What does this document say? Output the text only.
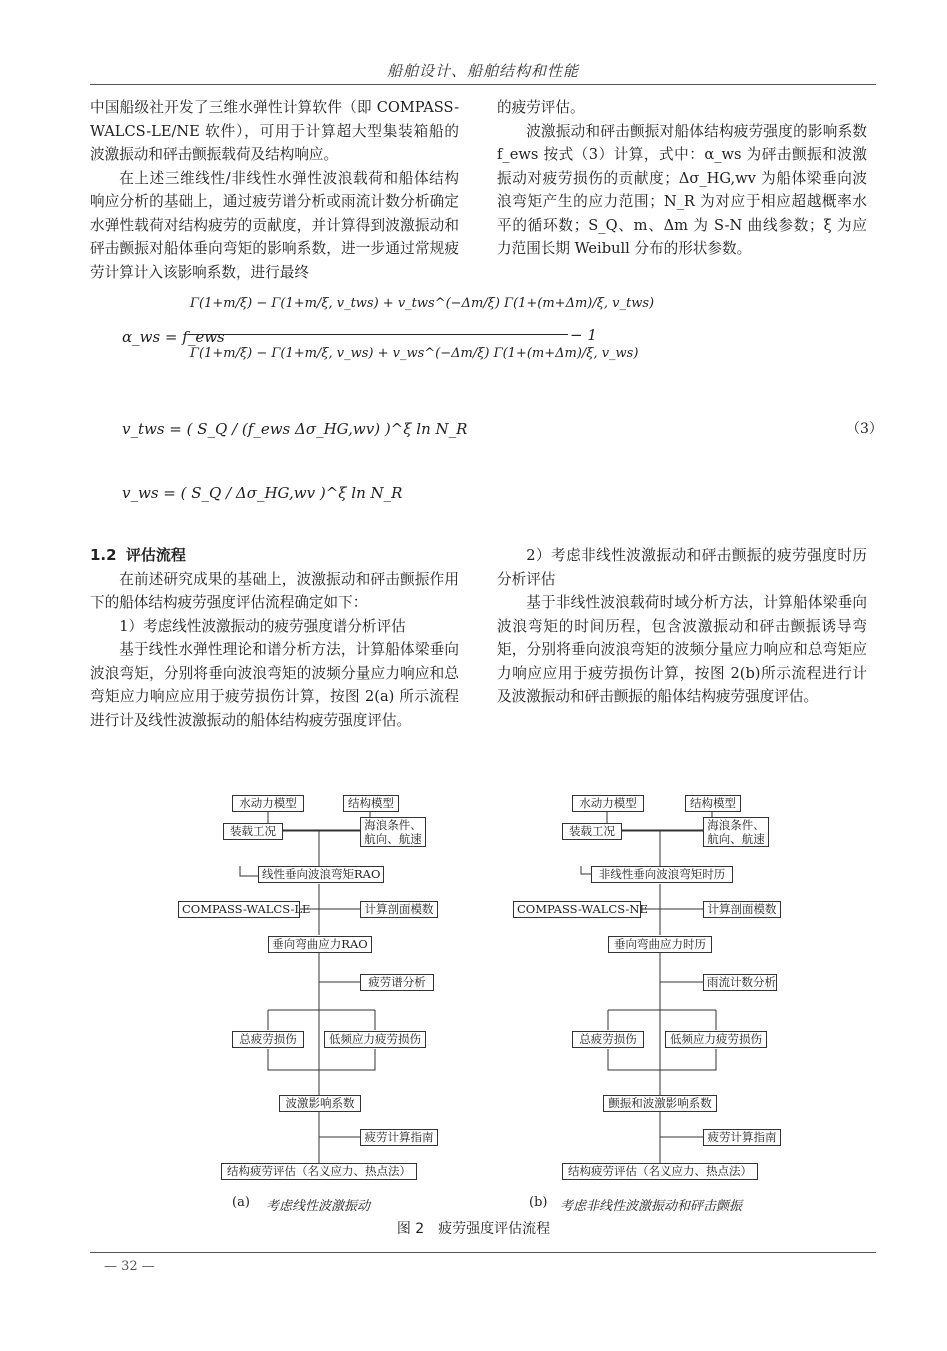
船舶设计、船舶结构和性能

中国船级社开发了三维水弹性计算软件（即 COMPASS-WALCS-LE/NE 软件），可用于计算超大型集装箱船的波激振动和砰击颤振载荷及结构响应。

在上述三维线性/非线性水弹性波浪载荷和船体结构响应分析的基础上，通过疲劳谱分析或雨流计数分析确定水弹性载荷对结构疲劳的贡献度，并计算得到波激振动和砰击颤振对船体垂向弯矩的影响系数，进一步通过常规疲劳计算计入该影响系数，进行最终

的疲劳评估。

波激振动和砰击颤振对船体结构疲劳强度的影响系数 f_ews 按式（3）计算，式中：α_ws 为砰击颤振和波激振动对疲劳损伤的贡献度；Δσ_HG,wv 为船体梁垂向波浪弯矩产生的应力范围；N_R 为对应于相应超越概率水平的循环数；S_Q、m、Δm 为 S-N 曲线参数；ξ 为应力范围长期 Weibull 分布的形状参数。

α_ws = f_ews
Γ(1+m/ξ) − Γ(1+m/ξ, v_tws) + v_tws^(−Δm/ξ) Γ(1+(m+Δm)/ξ, v_tws)
Γ(1+m/ξ) − Γ(1+m/ξ, v_ws) + v_ws^(−Δm/ξ) Γ(1+(m+Δm)/ξ, v_ws)
− 1
v_tws = ( S_Q / (f_ews Δσ_HG,wv) )^ξ ln N_R
v_ws = ( S_Q / Δσ_HG,wv )^ξ ln N_R
（3）

1.2 评估流程

在前述研究成果的基础上，波激振动和砰击颤振作用下的船体结构疲劳强度评估流程确定如下：

1）考虑线性波激振动的疲劳强度谱分析评估

基于线性水弹性理论和谱分析方法，计算船体梁垂向波浪弯矩，分别将垂向波浪弯矩的波频分量应力响应和总弯矩应力响应应用于疲劳损伤计算，按图 2(a) 所示流程进行计及线性波激振动的船体结构疲劳强度评估。

2）考虑非线性波激振动和砰击颤振的疲劳强度时历分析评估

基于非线性波浪载荷时域分析方法，计算船体梁垂向波浪弯矩的时间历程，包含波激振动和砰击颤振诱导弯矩，分别将垂向波浪弯矩的波频分量应力响应和总弯矩应力响应应用于疲劳损伤计算，按图 2(b)所示流程进行计及波激振动和砰击颤振的船体结构疲劳强度评估。

水动力模型	结构模型
装载工况	海浪条件、航向、航速
线性垂向波浪弯矩RAO
COMPASS-WALCS-LE	计算剖面模数
垂向弯曲应力RAO
疲劳谱分析
总疲劳损伤	低频应力疲劳损伤
波激影响系数
疲劳计算指南
结构疲劳评估（名义应力、热点法）
(a) 考虑线性波激振动
水动力模型	结构模型
装载工况	海浪条件、航向、航速
非线性垂向波浪弯矩时历
COMPASS-WALCS-NE	计算剖面模数
垂向弯曲应力时历
雨流计数分析
总疲劳损伤	低频应力疲劳损伤
颤振和波激影响系数
疲劳计算指南
结构疲劳评估（名义应力、热点法）
(b) 考虑非线性波激振动和砰击颤振
图 2　疲劳强度评估流程
— 32 —
